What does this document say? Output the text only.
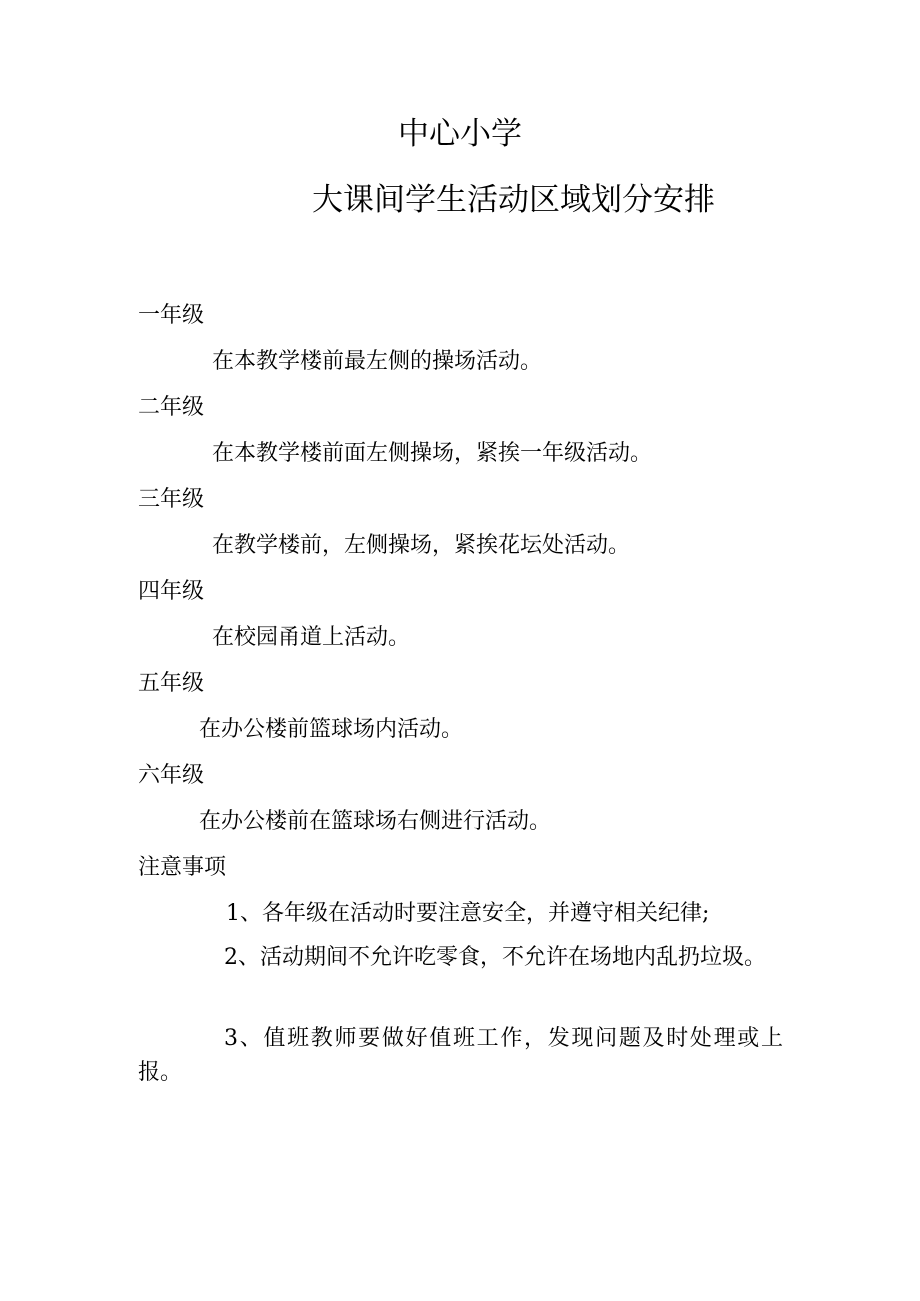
中心小学
大课间学生活动区域划分安排
一年级
在本教学楼前最左侧的操场活动。
二年级
在本教学楼前面左侧操场，紧挨一年级活动。
三年级
在教学楼前，左侧操场，紧挨花坛处活动。
四年级
在校园甬道上活动。
五年级
在办公楼前篮球场内活动。
六年级
在办公楼前在篮球场右侧进行活动。
注意事项
1、各年级在活动时要注意安全，并遵守相关纪律;
2、活动期间不允许吃零食，不允许在场地内乱扔垃圾。
3、值班教师要做好值班工作，发现问题及时处理或上报。
